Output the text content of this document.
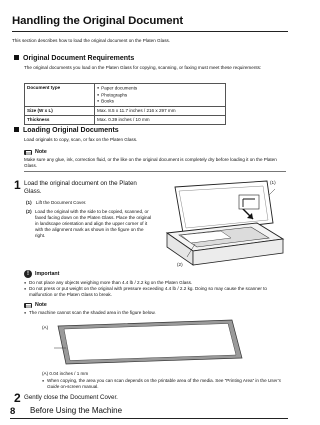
Handling the Original Document
This section describes how to load the original document on the Platen Glass.
Original Document Requirements
The original documents you load on the Platen Glass for copying, scanning, or faxing must meet these requirements:
Document type	● Paper documents
● Photographs
● Books

Size (W x L)	Max. 8.5 x 11.7 inches / 216 x 297 mm
Thickness	Max. 0.39 inches / 10 mm
Loading Original Documents
Load originals to copy, scan, or fax on the Platen Glass.
Note
Make sure any glue, ink, correction fluid, or the like on the original document is completely dry before loading it on the Platen Glass.
1 Load the original document on the Platen Glass.
(1) Lift the Document Cover.
(2) Load the original with the side to be copied, scanned, or faxed facing down on the Platen Glass. Place the original in landscape orientation and align the upper corner of it with the alignment mark as shown in the figure on the right.
(1)
(2)
!	Important
● Do not place any objects weighing more than 4.4 lb / 2.2 kg on the Platen Glass.
● Do not press or put weight on the original with pressure exceeding 4.4 lb / 2.2 kg. Doing so may cause the scanner to malfunction or the Platen Glass to break.
Note
● The machine cannot scan the shaded area in the figure below.
(A)
(A) 0.04 inches / 1 mm
● When copying, the area you can scan depends on the printable area of the media. See “Printing Area” in the User’s Guide on-screen manual.
2 Gently close the Document Cover.
8 Before Using the Machine
